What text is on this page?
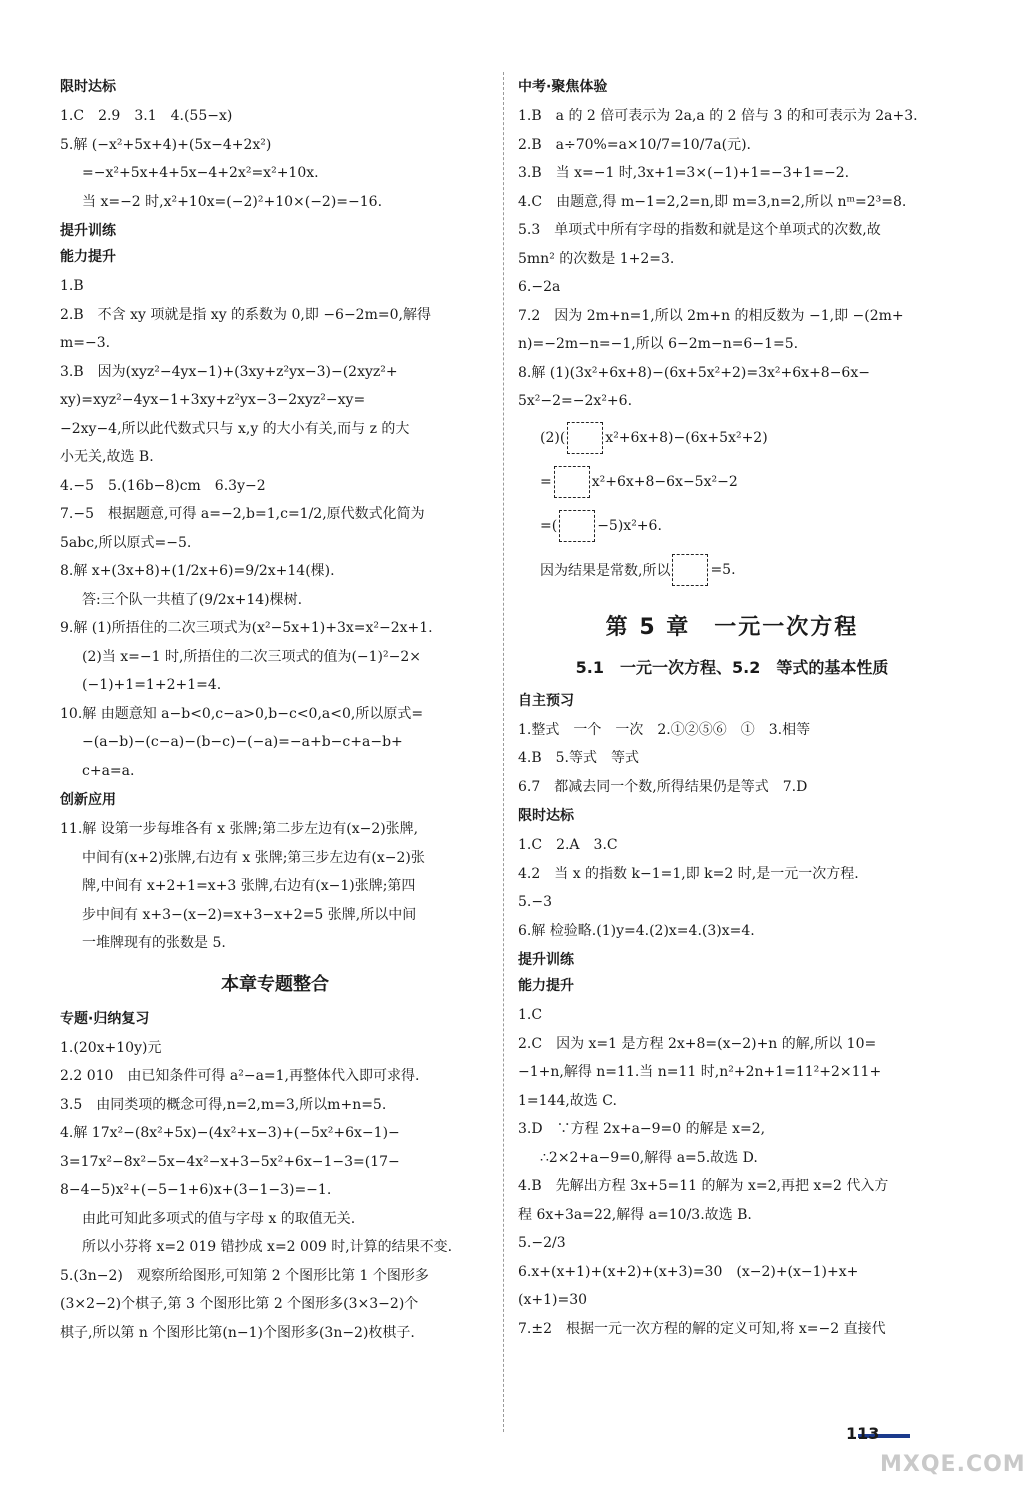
限时达标

1.C　2.9　3.1　4.(55−x)

5.解 (−x²+5x+4)+(5x−4+2x²)

=−x²+5x+4+5x−4+2x²=x²+10x.

当 x=−2 时,x²+10x=(−2)²+10×(−2)=−16.

提升训练
能力提升

1.B

2.B　不含 xy 项就是指 xy 的系数为 0,即 −6−2m=0,解得

m=−3.

3.B　因为(xyz²−4yx−1)+(3xy+z²yx−3)−(2xyz²+

xy)=xyz²−4yx−1+3xy+z²yx−3−2xyz²−xy=

−2xy−4,所以此代数式只与 x,y 的大小有关,而与 z 的大

小无关,故选 B.

4.−5　5.(16b−8)cm　6.3y−2

7.−5　根据题意,可得 a=−2,b=1,c=1/2,原代数式化简为

5abc,所以原式=−5.

8.解 x+(3x+8)+(1/2x+6)=9/2x+14(棵).

答:三个队一共植了(9/2x+14)棵树.

9.解 (1)所捂住的二次三项式为(x²−5x+1)+3x=x²−2x+1.

(2)当 x=−1 时,所捂住的二次三项式的值为(−1)²−2×

(−1)+1=1+2+1=4.

10.解 由题意知 a−b<0,c−a>0,b−c<0,a<0,所以原式=

−(a−b)−(c−a)−(b−c)−(−a)=−a+b−c+a−b+

c+a=a.

创新应用

11.解 设第一步每堆各有 x 张牌;第二步左边有(x−2)张牌,

中间有(x+2)张牌,右边有 x 张牌;第三步左边有(x−2)张

牌,中间有 x+2+1=x+3 张牌,右边有(x−1)张牌;第四

步中间有 x+3−(x−2)=x+3−x+2=5 张牌,所以中间

一堆牌现有的张数是 5.

本章专题整合
专题·归纳复习

1.(20x+10y)元

2.2 010　由已知条件可得 a²−a=1,再整体代入即可求得.

3.5　由同类项的概念可得,n=2,m=3,所以m+n=5.

4.解 17x²−(8x²+5x)−(4x²+x−3)+(−5x²+6x−1)−

3=17x²−8x²−5x−4x²−x+3−5x²+6x−1−3=(17−

8−4−5)x²+(−5−1+6)x+(3−1−3)=−1.

由此可知此多项式的值与字母 x 的取值无关.

所以小芬将 x=2 019 错抄成 x=2 009 时,计算的结果不变.

5.(3n−2)　观察所给图形,可知第 2 个图形比第 1 个图形多

(3×2−2)个棋子,第 3 个图形比第 2 个图形多(3×3−2)个

棋子,所以第 n 个图形比第(n−1)个图形多(3n−2)枚棋子.

中考·聚焦体验

1.B　a 的 2 倍可表示为 2a,a 的 2 倍与 3 的和可表示为 2a+3.

2.B　a÷70%=a×10/7=10/7a(元).

3.B　当 x=−1 时,3x+1=3×(−1)+1=−3+1=−2.

4.C　由题意,得 m−1=2,2=n,即 m=3,n=2,所以 nᵐ=2³=8.

5.3　单项式中所有字母的指数和就是这个单项式的次数,故

5mn² 的次数是 1+2=3.

6.−2a

7.2　因为 2m+n=1,所以 2m+n 的相反数为 −1,即 −(2m+

n)=−2m−n=−1,所以 6−2m−n=6−1=5.

8.解 (1)(3x²+6x+8)−(6x+5x²+2)=3x²+6x+8−6x−

5x²−2=−2x²+6.

(2)(	x²+6x+8)−(6x+5x²+2)
=	x²+6x+8−6x−5x²−2
=(	−5)x²+6.
因为结果是常数,所以	=5.
第 5 章　一元一次方程
5.1　一元一次方程、5.2　等式的基本性质
自主预习

1.整式　一个　一次　2.①②⑤⑥　①　3.相等

4.B　5.等式　等式

6.7　都减去同一个数,所得结果仍是等式　7.D

限时达标

1.C　2.A　3.C

4.2　当 x 的指数 k−1=1,即 k=2 时,是一元一次方程.

5.−3

6.解 检验略.(1)y=4.(2)x=4.(3)x=4.

提升训练
能力提升

1.C

2.C　因为 x=1 是方程 2x+8=(x−2)+n 的解,所以 10=

−1+n,解得 n=11.当 n=11 时,n²+2n+1=11²+2×11+

1=144,故选 C.

3.D　∵方程 2x+a−9=0 的解是 x=2,

∴2×2+a−9=0,解得 a=5.故选 D.

4.B　先解出方程 3x+5=11 的解为 x=2,再把 x=2 代入方

程 6x+3a=22,解得 a=10/3.故选 B.

5.−2/3

6.x+(x+1)+(x+2)+(x+3)=30　(x−2)+(x−1)+x+

(x+1)=30

7.±2　根据一元一次方程的解的定义可知,将 x=−2 直接代

113
MXQE.COM
